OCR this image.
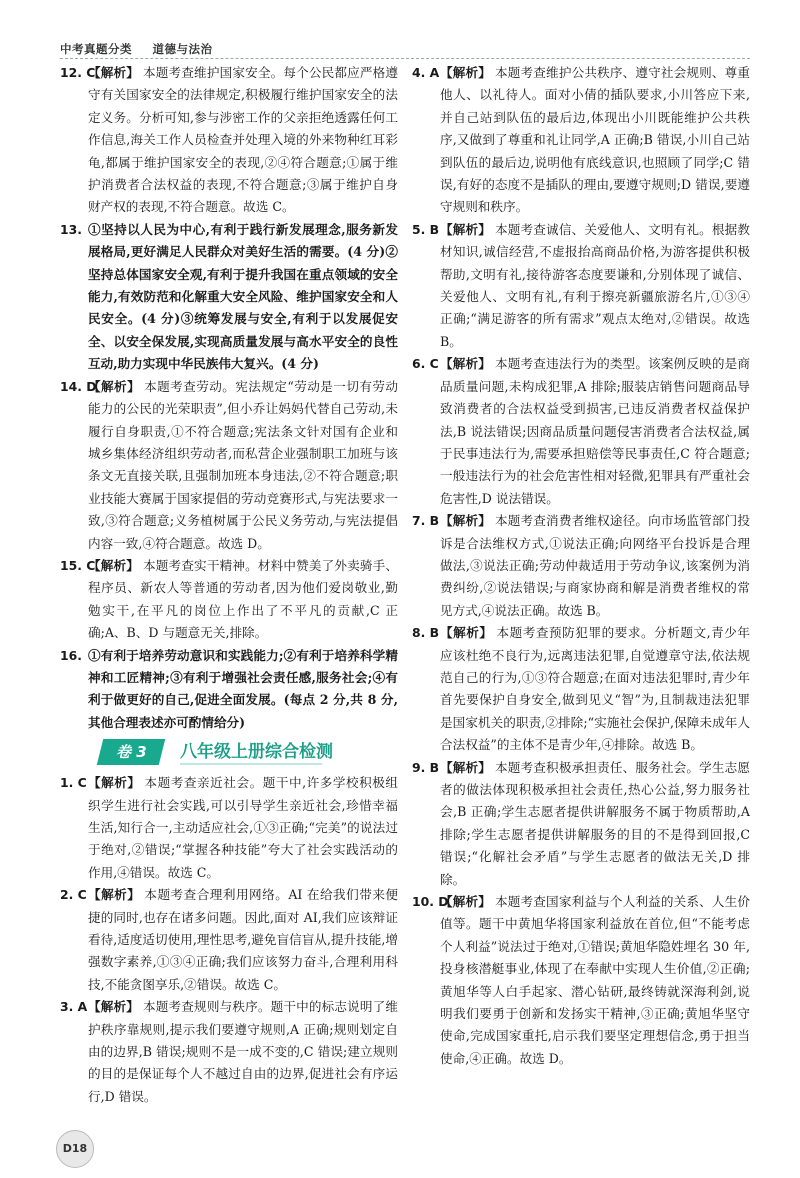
中考真题分类 道德与法治
12. C
【解析】 本题考查维护国家安全。每个公民都应严格遵守有关国家安全的法律规定,积极履行维护国家安全的法定义务。分析可知,参与涉密工作的父亲拒绝透露任何工作信息,海关工作人员检查并处理入境的外来物种红耳彩龟,都属于维护国家安全的表现,②④符合题意;①属于维护消费者合法权益的表现,不符合题意;③属于维护自身财产权的表现,不符合题意。故选 C。
13. ①坚持以人民为中心,有利于践行新发展理念,服务新发展格局,更好满足人民群众对美好生活的需要。(4 分)②坚持总体国家安全观,有利于提升我国在重点领域的安全能力,有效防范和化解重大安全风险、维护国家安全和人民安全。(4 分)③统筹发展与安全,有利于以发展促安全、以安全保发展,实现高质量发展与高水平安全的良性互动,助力实现中华民族伟大复兴。(4 分)
14. D
【解析】 本题考查劳动。宪法规定“劳动是一切有劳动能力的公民的光荣职责”,但小乔让妈妈代替自己劳动,未履行自身职责,①不符合题意;宪法条文针对国有企业和城乡集体经济组织劳动者,而私营企业强制职工加班与该条文无直接关联,且强制加班本身违法,②不符合题意;职业技能大赛属于国家提倡的劳动竞赛形式,与宪法要求一致,③符合题意;义务植树属于公民义务劳动,与宪法提倡内容一致,④符合题意。故选 D。
15. C
【解析】 本题考查实干精神。材料中赞美了外卖骑手、程序员、新农人等普通的劳动者,因为他们爱岗敬业,勤勉实干,在平凡的岗位上作出了不平凡的贡献,C 正确;A、B、D 与题意无关,排除。
16. ①有利于培养劳动意识和实践能力;②有利于培养科学精神和工匠精神;③有利于增强社会责任感,服务社会;④有利于做更好的自己,促进全面发展。(每点 2 分,共 8 分,其他合理表述亦可酌情给分)
卷 3	八年级上册综合检测
1. C 【解析】 本题考查亲近社会。题干中,许多学校积极组织学生进行社会实践,可以引导学生亲近社会,珍惜幸福生活,知行合一,主动适应社会,①③正确;“完美”的说法过于绝对,②错误;“掌握各种技能”夸大了社会实践活动的作用,④错误。故选 C。
2. C 【解析】 本题考查合理利用网络。AI 在给我们带来便捷的同时,也存在诸多问题。因此,面对 AI,我们应该辩证看待,适度适切使用,理性思考,避免盲信盲从,提升技能,增强数字素养,①③④正确;我们应该努力奋斗,合理利用科技,不能贪图享乐,②错误。故选 C。
3. A 【解析】 本题考查规则与秩序。题干中的标志说明了维护秩序靠规则,提示我们要遵守规则,A 正确;规则划定自由的边界,B 错误;规则不是一成不变的,C 错误;建立规则的目的是保证每个人不越过自由的边界,促进社会有序运行,D 错误。
4. A 【解析】 本题考查维护公共秩序、遵守社会规则、尊重他人、以礼待人。面对小倩的插队要求,小川答应下来,并自己站到队伍的最后边,体现出小川既能维护公共秩序,又做到了尊重和礼让同学,A 正确;B 错误,小川自己站到队伍的最后边,说明他有底线意识,也照顾了同学;C 错误,有好的态度不是插队的理由,要遵守规则;D 错误,要遵守规则和秩序。
5. B 【解析】 本题考查诚信、关爱他人、文明有礼。根据教材知识,诚信经营,不虚报抬高商品价格,为游客提供积极帮助,文明有礼,接待游客态度要谦和,分别体现了诚信、关爱他人、文明有礼,有利于擦亮新疆旅游名片,①③④正确;“满足游客的所有需求”观点太绝对,②错误。故选 B。
6. C 【解析】 本题考查违法行为的类型。该案例反映的是商品质量问题,未构成犯罪,A 排除;服装店销售问题商品导致消费者的合法权益受到损害,已违反消费者权益保护法,B 说法错误;因商品质量问题侵害消费者合法权益,属于民事违法行为,需要承担赔偿等民事责任,C 符合题意;一般违法行为的社会危害性相对轻微,犯罪具有严重社会危害性,D 说法错误。
7. B 【解析】 本题考查消费者维权途径。向市场监管部门投诉是合法维权方式,①说法正确;向网络平台投诉是合理做法,③说法正确;劳动仲裁适用于劳动争议,该案例为消费纠纷,②说法错误;与商家协商和解是消费者维权的常见方式,④说法正确。故选 B。
8. B 【解析】 本题考查预防犯罪的要求。分析题文,青少年应该杜绝不良行为,远离违法犯罪,自觉遵章守法,依法规范自己的行为,①③符合题意;在面对违法犯罪时,青少年首先要保护自身安全,做到见义“智”为,且制裁违法犯罪是国家机关的职责,②排除;“实施社会保护,保障未成年人合法权益”的主体不是青少年,④排除。故选 B。
9. B 【解析】 本题考查积极承担责任、服务社会。学生志愿者的做法体现积极承担社会责任,热心公益,努力服务社会,B 正确;学生志愿者提供讲解服务不属于物质帮助,A 排除;学生志愿者提供讲解服务的目的不是得到回报,C 错误;“化解社会矛盾”与学生志愿者的做法无关,D 排除。
10. D
【解析】 本题考查国家利益与个人利益的关系、人生价值等。题干中黄旭华将国家利益放在首位,但“不能考虑个人利益”说法过于绝对,①错误;黄旭华隐姓埋名 30 年,投身核潜艇事业,体现了在奉献中实现人生价值,②正确;黄旭华等人白手起家、潜心钻研,最终铸就深海利剑,说明我们要勇于创新和发扬实干精神,③正确;黄旭华坚守使命,完成国家重托,启示我们要坚定理想信念,勇于担当使命,④正确。故选 D。
D18
